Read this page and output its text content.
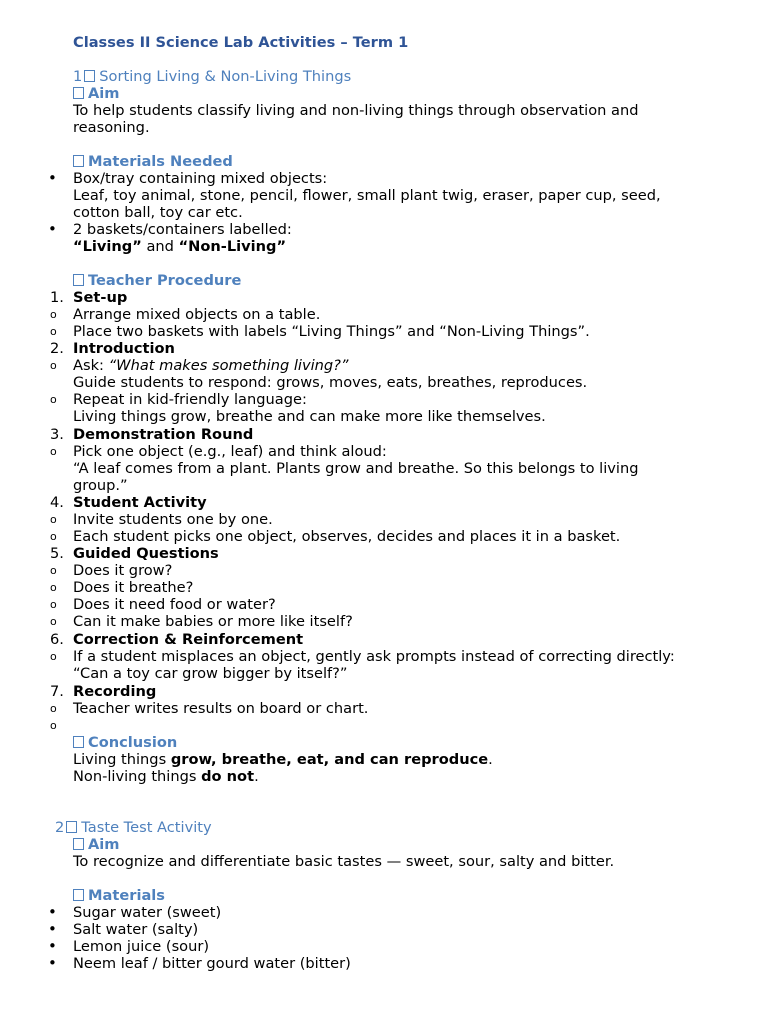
Classes II Science Lab Activities – Term 1
1 Sorting Living & Non-Living Things
Aim
To help students classify living and non-living things through observation and
reasoning.
Materials Needed
• Box/tray containing mixed objects:
Leaf, toy animal, stone, pencil, flower, small plant twig, eraser, paper cup, seed,
cotton ball, toy car etc.
• 2 baskets/containers labelled:
“Living” and “Non-Living”
Teacher Procedure
1. Set-up
o Arrange mixed objects on a table.
o Place two baskets with labels “Living Things” and “Non-Living Things”.
2. Introduction
o Ask: “What makes something living?”
Guide students to respond: grows, moves, eats, breathes, reproduces.
o Repeat in kid-friendly language:
Living things grow, breathe and can make more like themselves.
3. Demonstration Round
o Pick one object (e.g., leaf) and think aloud:
“A leaf comes from a plant. Plants grow and breathe. So this belongs to living
group.”
4. Student Activity
o Invite students one by one.
o Each student picks one object, observes, decides and places it in a basket.
5. Guided Questions
o Does it grow?
o Does it breathe?
o Does it need food or water?
o Can it make babies or more like itself?
6. Correction & Reinforcement
o If a student misplaces an object, gently ask prompts instead of correcting directly:
“Can a toy car grow bigger by itself?”
7. Recording
o Teacher writes results on board or chart.
o
Conclusion
Living things grow, breathe, eat, and can reproduce.
Non-living things do not.
2 Taste Test Activity
Aim
To recognize and differentiate basic tastes — sweet, sour, salty and bitter.
Materials
• Sugar water (sweet)
• Salt water (salty)
• Lemon juice (sour)
• Neem leaf / bitter gourd water (bitter)
